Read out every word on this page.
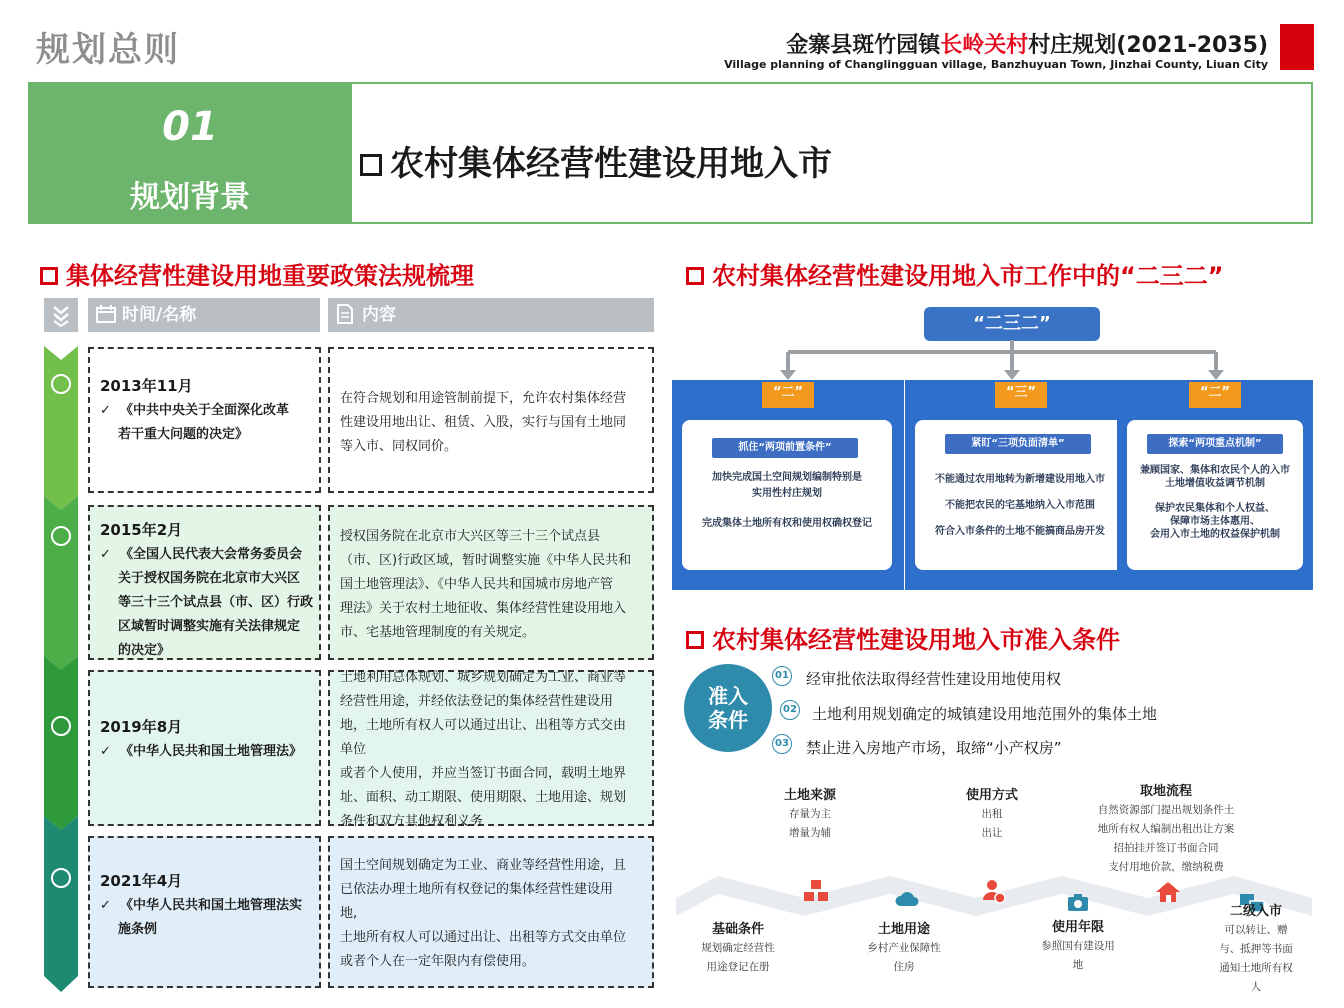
规划总则	金寨县斑竹园镇长岭关村村庄规划(2021-2035)
Village planning of Changlingguan village, Banzhuyuan Town, Jinzhai County, Liuan City
01
规划背景
农村集体经营性建设用地入市
集体经营性建设用地重要政策法规梳理
时间/名称	内容
2013年11月
✓  《中共中央关于全面深化改革
若干重大问题的决定》
在符合规划和用途管制前提下，允许农村集体经营
性建设用地出让、租赁、入股，实行与国有土地同
等入市、同权同价。
2015年2月
✓  《全国人民代表大会常务委员会
关于授权国务院在北京市大兴区
等三十三个试点县（市、区）行政
区域暂时调整实施有关法律规定
的决定》
授权国务院在北京市大兴区等三十三个试点县
（市、区)行政区域，暂时调整实施《中华人民共和
国土地管理法》、《中华人民共和国城市房地产管
理法》关于农村土地征收、集体经营性建设用地入
市、宅基地管理制度的有关规定。
2019年8月
✓  《中华人民共和国土地管理法》
土地利用总体规划、城乡规划确定为工业、商业等
经营性用途，并经依法登记的集体经营性建设用
地，土地所有权人可以通过出让、出租等方式交由
单位
或者个人使用，并应当签订书面合同，载明土地界
址、面积、动工期限、使用期限、土地用途、规划
条件和双方其他权利义务
2021年4月
✓  《中华人民共和国土地管理法实
施条例
国土空间规划确定为工业、商业等经营性用途，且
已依法办理土地所有权登记的集体经营性建设用
地,
土地所有权人可以通过出让、出租等方式交由单位
或者个人在一定年限内有偿使用。
农村集体经营性建设用地入市工作中的“二三二”
“二三二”
“二”
抓住“两项前置条件”
加快完成国土空间规划编制特别是
实用性村庄规划
完成集体土地所有权和使用权确权登记
“三”
紧盯“三项负面清单”
不能通过农用地转为新增建设用地入市
不能把农民的宅基地纳入入市范围
符合入市条件的土地不能搞商品房开发
“二”
探索“两项重点机制”
兼顾国家、集体和农民个人的入市
土地增值收益调节机制
保护农民集体和个人权益、
保障市场主体惠用、
会用入市土地的权益保护机制
农村集体经营性建设用地入市准入条件
准入
条件
01 经审批依法取得经营性建设用地使用权
02 土地利用规划确定的城镇建设用地范围外的集体土地
03 禁止进入房地产市场，取缔“小产权房”
土地来源
存量为主
增量为辅
使用方式
出租
出让
取地流程
自然资源部门提出规划条件土
地所有权人编制出租出让方案
招拍挂并签订书面合同
支付用地价款，缴纳税费
基础条件
规划确定经营性
用途登记在册
土地用途
乡村产业保障性
住房
使用年限
参照国有建设用
地
二级入市
可以转让、赠
与、抵押等书面
通知土地所有权
人
